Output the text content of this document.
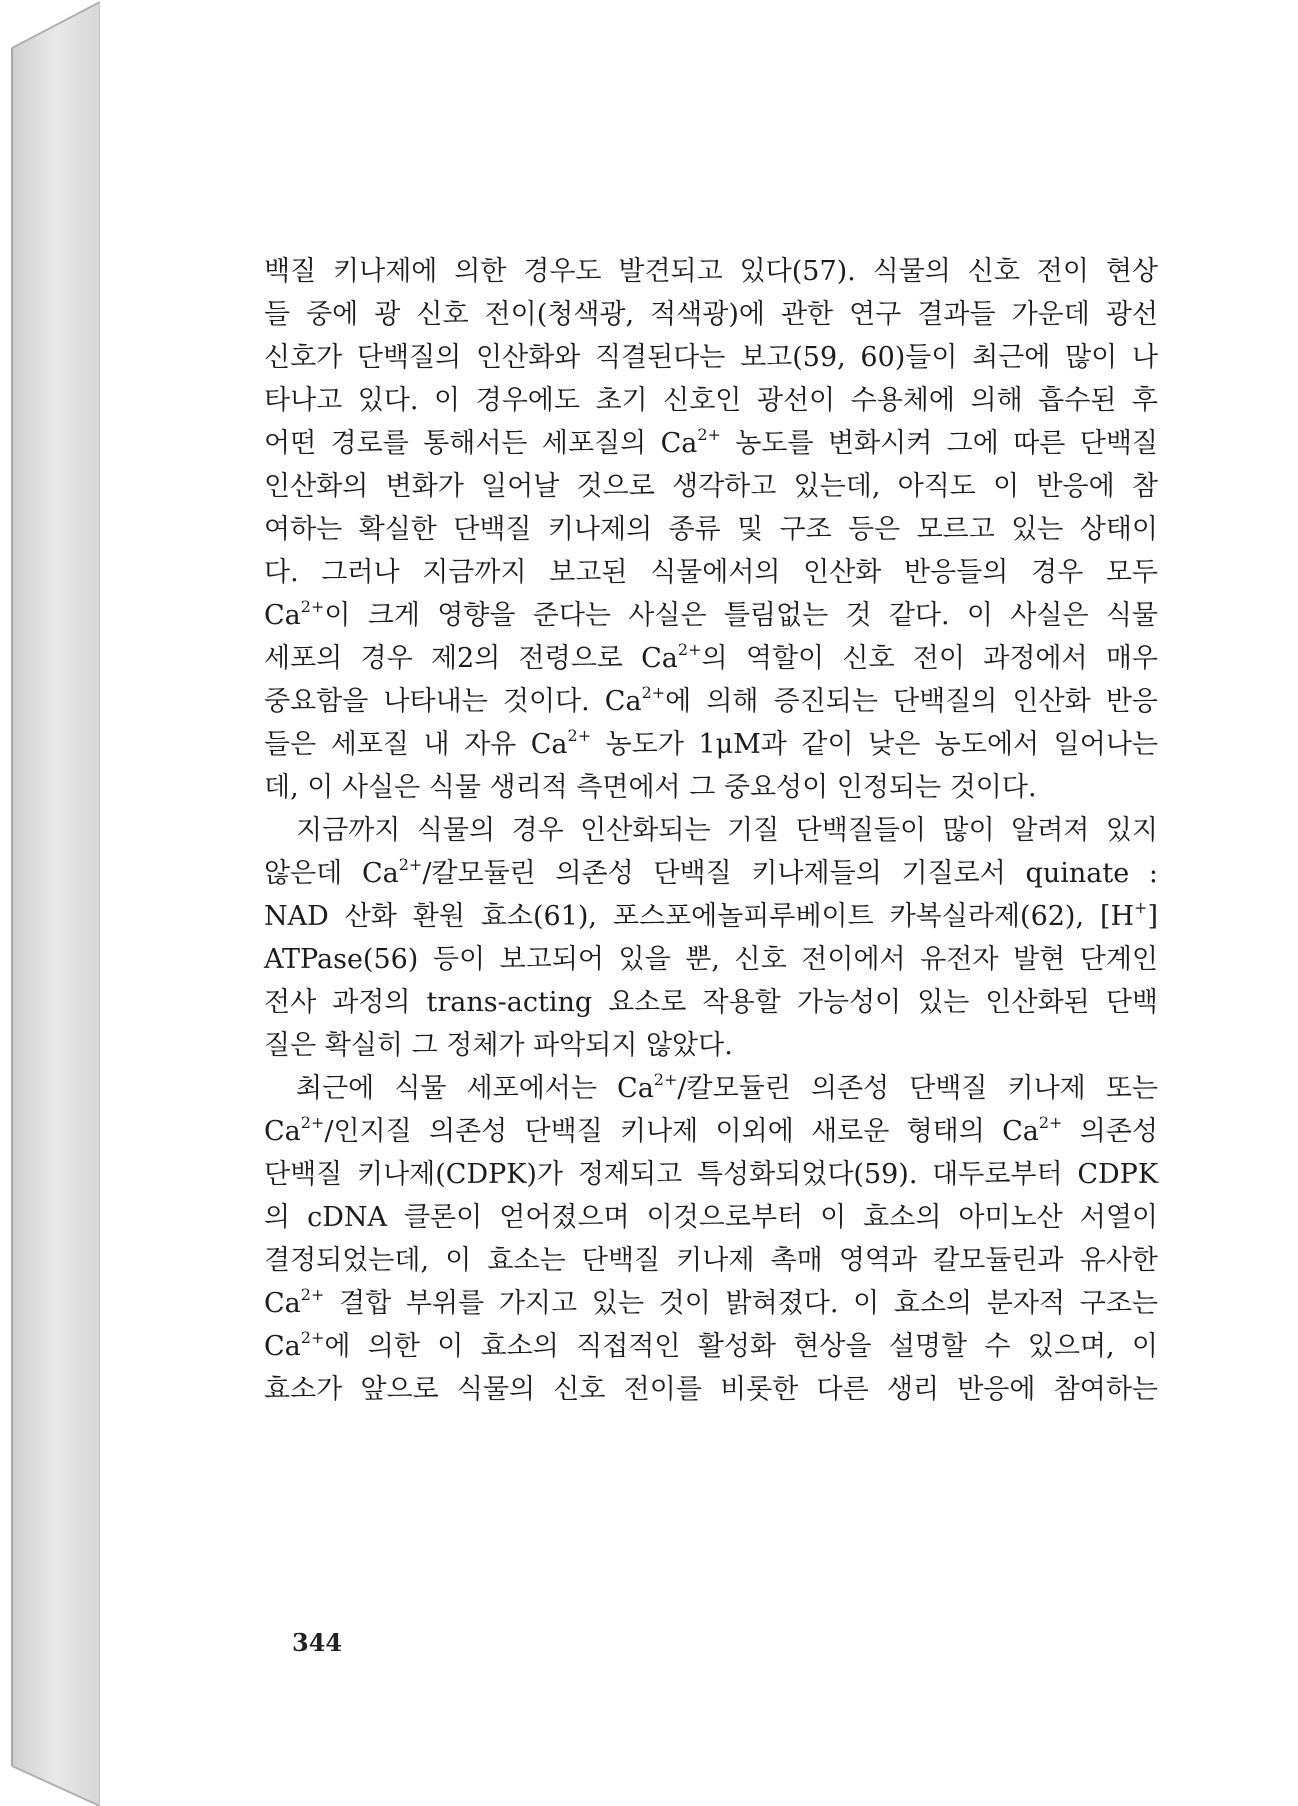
백질 키나제에 의한 경우도 발견되고 있다(57). 식물의 신호 전이 현상
들 중에 광 신호 전이(청색광, 적색광)에 관한 연구 결과들 가운데 광선
신호가 단백질의 인산화와 직결된다는 보고(59, 60)들이 최근에 많이 나
타나고 있다. 이 경우에도 초기 신호인 광선이 수용체에 의해 흡수된 후
어떤 경로를 통해서든 세포질의 $Ca^{2+}$ 농도를 변화시켜 그에 따른 단백질
인산화의 변화가 일어날 것으로 생각하고 있는데, 아직도 이 반응에 참
여하는 확실한 단백질 키나제의 종류 및 구조 등은 모르고 있는 상태이
다. 그러나 지금까지 보고된 식물에서의 인산화 반응들의 경우 모두
$Ca^{2+}$이 크게 영향을 준다는 사실은 틀림없는 것 같다. 이 사실은 식물
세포의 경우 제2의 전령으로 $Ca^{2+}$의 역할이 신호 전이 과정에서 매우
중요함을 나타내는 것이다. $Ca^{2+}$에 의해 증진되는 단백질의 인산화 반응
들은 세포질 내 자유 $Ca^{2+}$ 농도가 1μM과 같이 낮은 농도에서 일어나는
데, 이 사실은 식물 생리적 측면에서 그 중요성이 인정되는 것이다.
지금까지 식물의 경우 인산화되는 기질 단백질들이 많이 알려져 있지
않은데 $Ca^{2+}/$칼모듈린 의존성 단백질 키나제들의 기질로서 quinate :
NAD 산화 환원 효소(61), 포스포에놀피루베이트 카복실라제(62), [H+]
ATPase(56) 등이 보고되어 있을 뿐, 신호 전이에서 유전자 발현 단계인
전사 과정의 trans-acting 요소로 작용할 가능성이 있는 인산화된 단백
질은 확실히 그 정체가 파악되지 않았다.
최근에 식물 세포에서는 $Ca^{2+}/$칼모듈린 의존성 단백질 키나제 또는
$Ca^{2+}/$인지질 의존성 단백질 키나제 이외에 새로운 형태의 $Ca^{2+}$ 의존성
단백질 키나제(CDPK)가 정제되고 특성화되었다(59). 대두로부터 CDPK
의 cDNA 클론이 얻어졌으며 이것으로부터 이 효소의 아미노산 서열이
결정되었는데, 이 효소는 단백질 키나제 촉매 영역과 칼모듈린과 유사한
$Ca^{2+}$ 결합 부위를 가지고 있는 것이 밝혀졌다. 이 효소의 분자적 구조는
$Ca^{2+}$에 의한 이 효소의 직접적인 활성화 현상을 설명할 수 있으며, 이
효소가 앞으로 식물의 신호 전이를 비롯한 다른 생리 반응에 참여하는
344
